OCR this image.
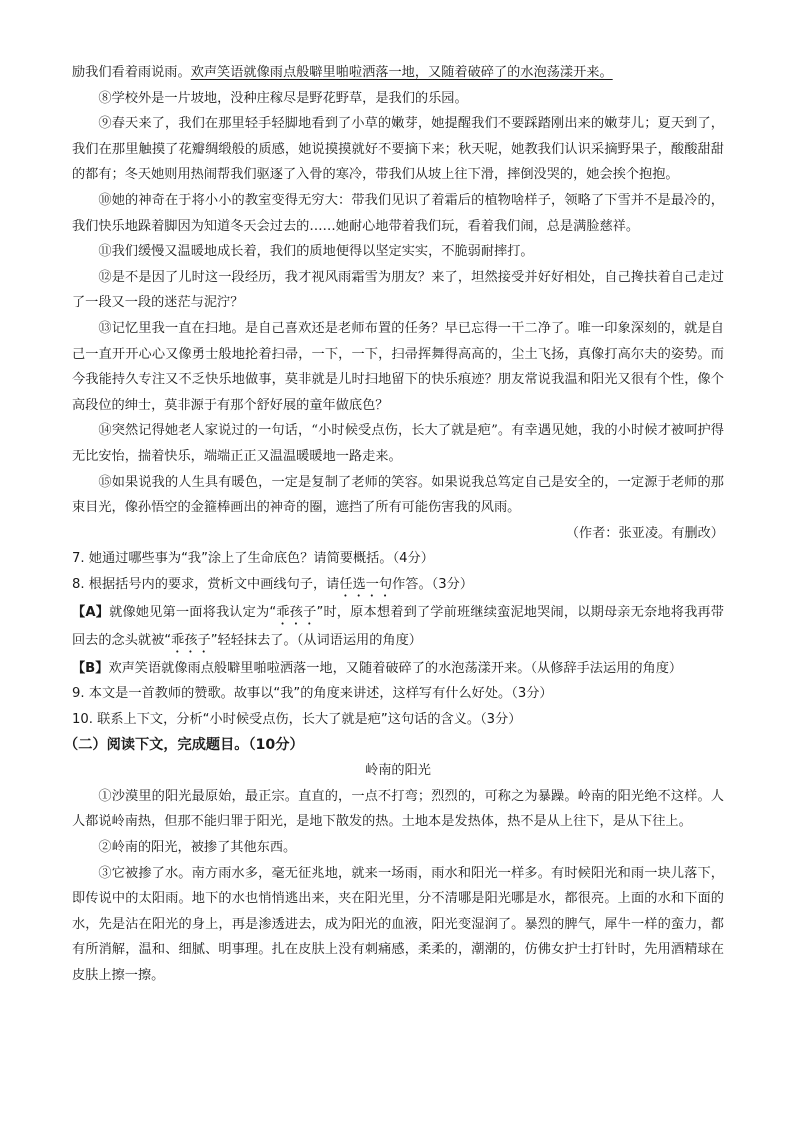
励我们看着雨说雨。欢声笑语就像雨点般噼里啪啦洒落一地，又随着破碎了的水泡荡漾开来。

⑧学校外是一片坡地，没种庄稼尽是野花野草，是我们的乐园。

⑨春天来了，我们在那里轻手轻脚地看到了小草的嫩芽，她提醒我们不要踩踏刚出来的嫩芽儿；夏天到了，我们在那里触摸了花瓣绸缎般的质感，她说摸摸就好不要摘下来；秋天呢，她教我们认识采摘野果子，酸酸甜甜的都有；冬天她则用热闹帮我们驱逐了入骨的寒冷，带我们从坡上往下滑，摔倒没哭的，她会挨个抱抱。

⑩她的神奇在于将小小的教室变得无穷大：带我们见识了着霜后的植物啥样子，领略了下雪并不是最冷的，我们快乐地跺着脚因为知道冬天会过去的……她耐心地带着我们玩，看着我们闹，总是满脸慈祥。

⑪我们缓慢又温暖地成长着，我们的质地便得以坚定实实，不脆弱耐摔打。

⑫是不是因了儿时这一段经历，我才视风雨霜雪为朋友？来了，坦然接受并好好相处，自己搀扶着自己走过了一段又一段的迷茫与泥泞？

⑬记忆里我一直在扫地。是自己喜欢还是老师布置的任务？早已忘得一干二净了。唯一印象深刻的，就是自己一直开开心心又像勇士般地抡着扫帚，一下，一下，扫帚挥舞得高高的，尘土飞扬，真像打高尔夫的姿势。而今我能持久专注又不乏快乐地做事，莫非就是儿时扫地留下的快乐痕迹？朋友常说我温和阳光又很有个性，像个高段位的绅士，莫非源于有那个舒好展的童年做底色？

⑭突然记得她老人家说过的一句话，“小时候受点伤，长大了就是疤”。有幸遇见她，我的小时候才被呵护得无比安怡，揣着快乐，端端正正又温温暖暖地一路走来。

⑮如果说我的人生具有暖色，一定是复制了老师的笑容。如果说我总笃定自己是安全的，一定源于老师的那束目光，像孙悟空的金箍棒画出的神奇的圈，遮挡了所有可能伤害我的风雨。

（作者：张亚凌。有删改）

7. 她通过哪些事为“我”涂上了生命底色？请简要概括。（4分）

8. 根据括号内的要求，赏析文中画线句子，请任选一句作答。（3分）

【A】就像她见第一面将我认定为“乖孩子”时，原本想着到了学前班继续蛮泥地哭闹，以期母亲无奈地将我再带回去的念头就被“乖孩子”轻轻抹去了。（从词语运用的角度）

【B】欢声笑语就像雨点般噼里啪啦洒落一地，又随着破碎了的水泡荡漾开来。（从修辞手法运用的角度）

9. 本文是一首教师的赞歌。故事以“我”的角度来讲述，这样写有什么好处。（3分）

10. 联系上下文，分析“小时候受点伤，长大了就是疤”这句话的含义。（3分）

（二）阅读下文，完成题目。（10分）

岭南的阳光

①沙漠里的阳光最原始，最正宗。直直的，一点不打弯；烈烈的，可称之为暴躁。岭南的阳光绝不这样。人人都说岭南热，但那不能归罪于阳光，是地下散发的热。土地本是发热体，热不是从上往下，是从下往上。

②岭南的阳光，被掺了其他东西。

③它被掺了水。南方雨水多，毫无征兆地，就来一场雨，雨水和阳光一样多。有时候阳光和雨一块儿落下，即传说中的太阳雨。地下的水也悄悄逃出来，夹在阳光里，分不清哪是阳光哪是水，都很亮。上面的水和下面的水，先是沾在阳光的身上，再是渗透进去，成为阳光的血液，阳光变湿润了。暴烈的脾气，犀牛一样的蛮力，都有所消解，温和、细腻、明事理。扎在皮肤上没有刺痛感，柔柔的，潮潮的，仿佛女护士打针时，先用酒精球在皮肤上擦一擦。
